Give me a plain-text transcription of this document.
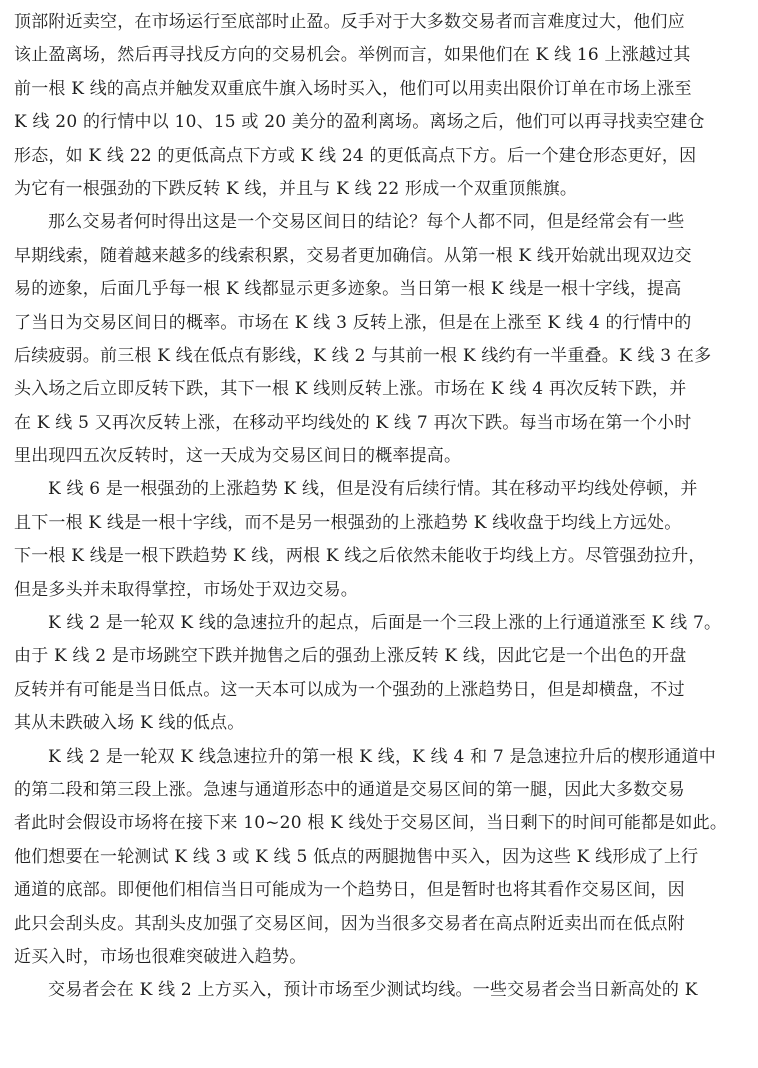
顶部附近卖空，在市场运行至底部时止盈。反手对于大多数交易者而言难度过大，他们应
该止盈离场，然后再寻找反方向的交易机会。举例而言，如果他们在 K 线 16 上涨越过其
前一根 K 线的高点并触发双重底牛旗入场时买入，他们可以用卖出限价订单在市场上涨至
K 线 20 的行情中以 10、15 或 20 美分的盈利离场。离场之后，他们可以再寻找卖空建仓
形态，如 K 线 22 的更低高点下方或 K 线 24 的更低高点下方。后一个建仓形态更好，因
为它有一根强劲的下跌反转 K 线，并且与 K 线 22 形成一个双重顶熊旗。
那么交易者何时得出这是一个交易区间日的结论？每个人都不同，但是经常会有一些
早期线索，随着越来越多的线索积累，交易者更加确信。从第一根 K 线开始就出现双边交
易的迹象，后面几乎每一根 K 线都显示更多迹象。当日第一根 K 线是一根十字线，提高
了当日为交易区间日的概率。市场在 K 线 3 反转上涨，但是在上涨至 K 线 4 的行情中的
后续疲弱。前三根 K 线在低点有影线，K 线 2 与其前一根 K 线约有一半重叠。K 线 3 在多
头入场之后立即反转下跌，其下一根 K 线则反转上涨。市场在 K 线 4 再次反转下跌，并
在 K 线 5 又再次反转上涨，在移动平均线处的 K 线 7 再次下跌。每当市场在第一个小时
里出现四五次反转时，这一天成为交易区间日的概率提高。
K 线 6 是一根强劲的上涨趋势 K 线，但是没有后续行情。其在移动平均线处停顿，并
且下一根 K 线是一根十字线，而不是另一根强劲的上涨趋势 K 线收盘于均线上方远处。
下一根 K 线是一根下跌趋势 K 线，两根 K 线之后依然未能收于均线上方。尽管强劲拉升，
但是多头并未取得掌控，市场处于双边交易。
K 线 2 是一轮双 K 线的急速拉升的起点，后面是一个三段上涨的上行通道涨至 K 线 7。
由于 K 线 2 是市场跳空下跌并抛售之后的强劲上涨反转 K 线，因此它是一个出色的开盘
反转并有可能是当日低点。这一天本可以成为一个强劲的上涨趋势日，但是却横盘，不过
其从未跌破入场 K 线的低点。
K 线 2 是一轮双 K 线急速拉升的第一根 K 线，K 线 4 和 7 是急速拉升后的楔形通道中
的第二段和第三段上涨。急速与通道形态中的通道是交易区间的第一腿，因此大多数交易
者此时会假设市场将在接下来 10~20 根 K 线处于交易区间，当日剩下的时间可能都是如此。
他们想要在一轮测试 K 线 3 或 K 线 5 低点的两腿抛售中买入，因为这些 K 线形成了上行
通道的底部。即便他们相信当日可能成为一个趋势日，但是暂时也将其看作交易区间，因
此只会刮头皮。其刮头皮加强了交易区间，因为当很多交易者在高点附近卖出而在低点附
近买入时，市场也很难突破进入趋势。
交易者会在 K 线 2 上方买入，预计市场至少测试均线。一些交易者会当日新高处的 K
